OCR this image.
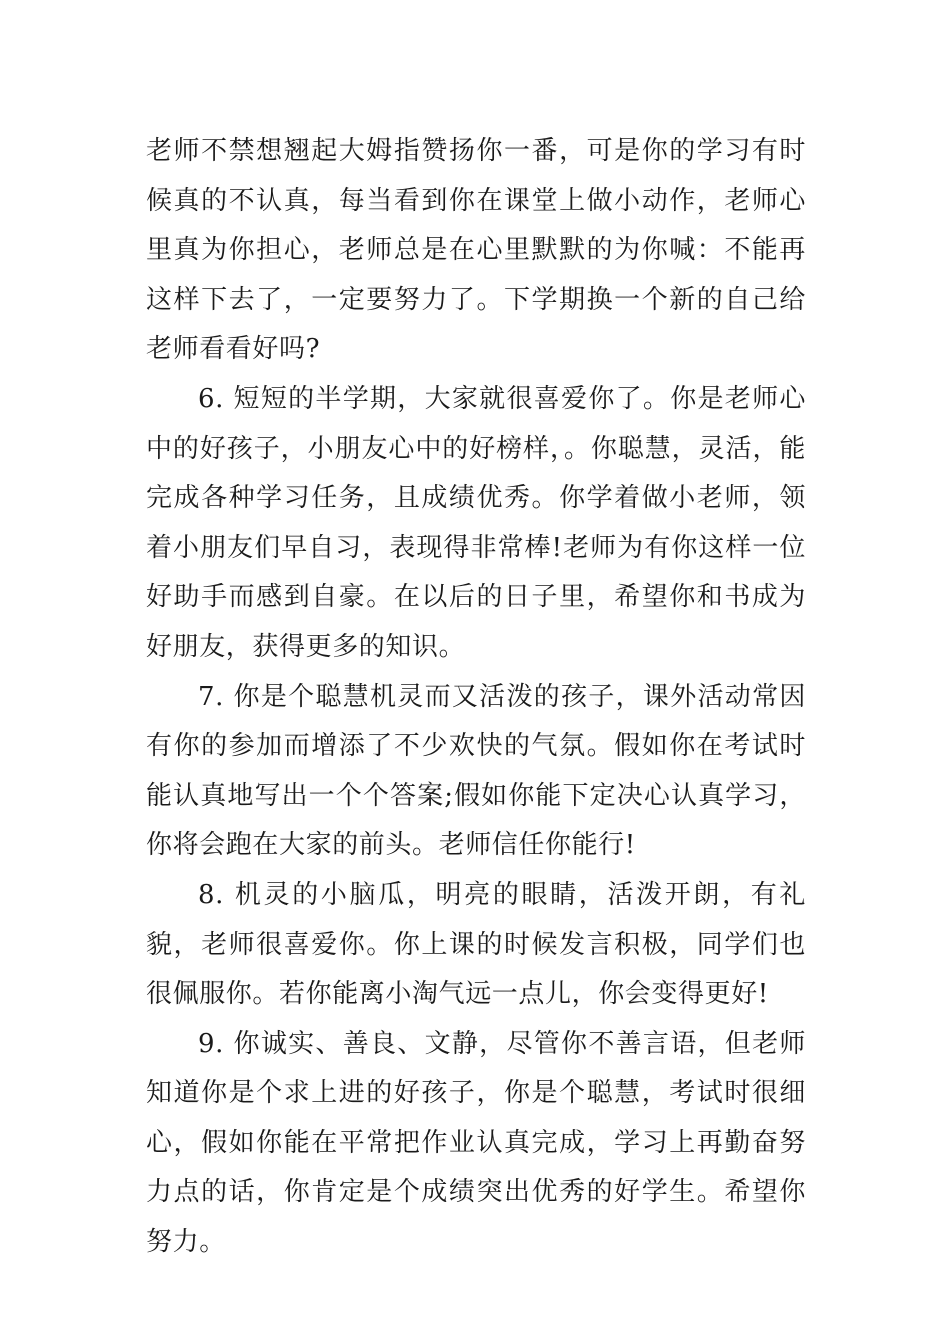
老师不禁想翘起大姆指赞扬你一番，可是你的学习有时候真的不认真，每当看到你在课堂上做小动作，老师心里真为你担心，老师总是在心里默默的为你喊：不能再这样下去了，一定要努力了。下学期换一个新的自己给老师看看好吗?

6. 短短的半学期，大家就很喜爱你了。你是老师心中的好孩子，小朋友心中的好榜样，。你聪慧，灵活，能完成各种学习任务，且成绩优秀。你学着做小老师，领着小朋友们早自习，表现得非常棒!老师为有你这样一位好助手而感到自豪。在以后的日子里，希望你和书成为好朋友，获得更多的知识。

7. 你是个聪慧机灵而又活泼的孩子，课外活动常因有你的参加而增添了不少欢快的气氛。假如你在考试时能认真地写出一个个答案;假如你能下定决心认真学习，你将会跑在大家的前头。老师信任你能行!

8. 机灵的小脑瓜，明亮的眼睛，活泼开朗，有礼貌，老师很喜爱你。你上课的时候发言积极，同学们也很佩服你。若你能离小淘气远一点儿，你会变得更好!

9. 你诚实、善良、文静，尽管你不善言语，但老师知道你是个求上进的好孩子，你是个聪慧，考试时很细心，假如你能在平常把作业认真完成，学习上再勤奋努力点的话，你肯定是个成绩突出优秀的好学生。希望你努力。
